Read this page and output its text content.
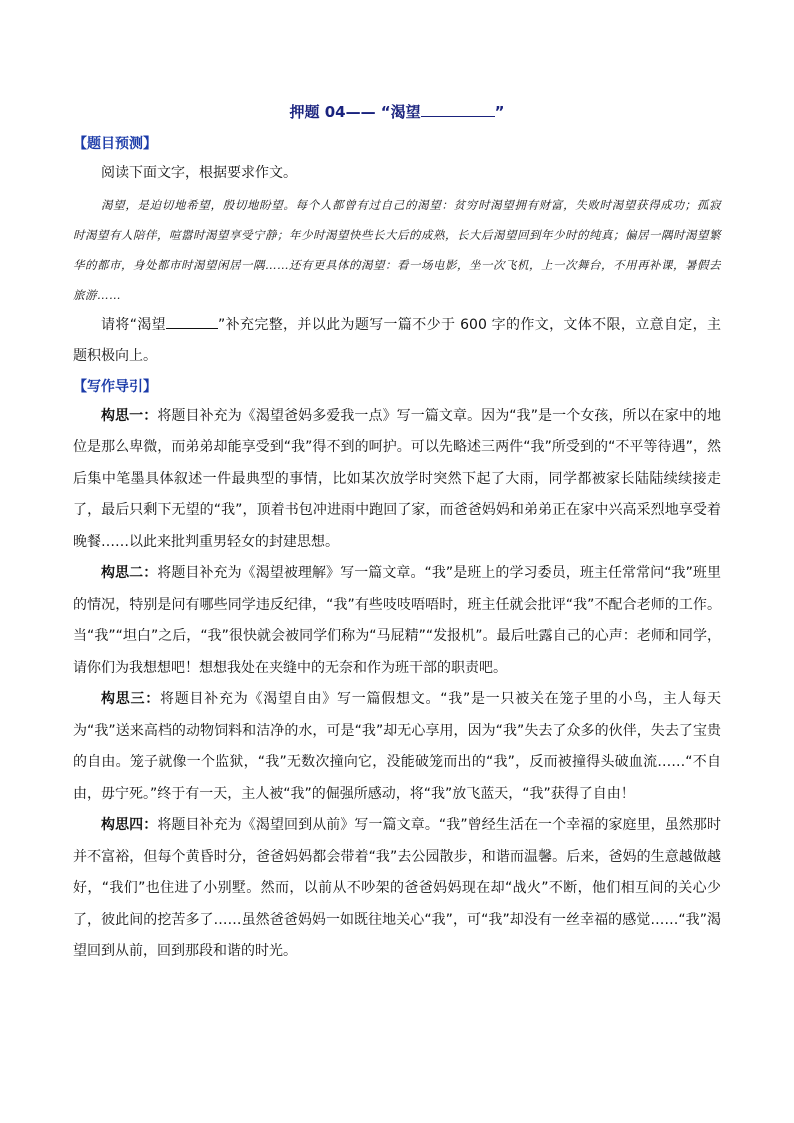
押题 04—— “渴望	”
【题目预测】

阅读下面文字，根据要求作文。

渴望，是迫切地希望，殷切地盼望。每个人都曾有过自己的渴望：贫穷时渴望拥有财富，失败时渴望获得成功；孤寂时渴望有人陪伴，喧嚣时渴望享受宁静；年少时渴望快些长大后的成熟，长大后渴望回到年少时的纯真；偏居一隅时渴望繁华的都市，身处都市时渴望闲居一隅……还有更具体的渴望：看一场电影，坐一次飞机，上一次舞台，不用再补课，暑假去旅游……

请将“渴望	”补充完整，并以此为题写一篇不少于 600 字的作文，文体不限，立意自定，主题积极向上。

【写作导引】

构思一：将题目补充为《渴望爸妈多爱我一点》写一篇文章。因为“我”是一个女孩，所以在家中的地位是那么卑微，而弟弟却能享受到“我”得不到的呵护。可以先略述三两件“我”所受到的“不平等待遇”，然后集中笔墨具体叙述一件最典型的事情，比如某次放学时突然下起了大雨，同学都被家长陆陆续续接走了，最后只剩下无望的“我”，顶着书包冲进雨中跑回了家，而爸爸妈妈和弟弟正在家中兴高采烈地享受着晚餐……以此来批判重男轻女的封建思想。

构思二：将题目补充为《渴望被理解》写一篇文章。“我”是班上的学习委员，班主任常常问“我”班里的情况，特别是问有哪些同学违反纪律，“我”有些吱吱唔唔时，班主任就会批评“我”不配合老师的工作。当“我”“坦白”之后，“我”很快就会被同学们称为“马屁精”“发报机”。最后吐露自己的心声：老师和同学，请你们为我想想吧！想想我处在夹缝中的无奈和作为班干部的职责吧。

构思三：将题目补充为《渴望自由》写一篇假想文。“我”是一只被关在笼子里的小鸟，主人每天为“我”送来高档的动物饲料和洁净的水，可是“我”却无心享用，因为“我”失去了众多的伙伴，失去了宝贵的自由。笼子就像一个监狱，“我”无数次撞向它，没能破笼而出的“我”，反而被撞得头破血流……“不自由，毋宁死。”终于有一天，主人被“我”的倔强所感动，将“我”放飞蓝天，“我”获得了自由！

构思四：将题目补充为《渴望回到从前》写一篇文章。“我”曾经生活在一个幸福的家庭里，虽然那时并不富裕，但每个黄昏时分，爸爸妈妈都会带着“我”去公园散步，和谐而温馨。后来，爸妈的生意越做越好，“我们”也住进了小别墅。然而，以前从不吵架的爸爸妈妈现在却“战火”不断，他们相互间的关心少了，彼此间的挖苦多了……虽然爸爸妈妈一如既往地关心“我”，可“我”却没有一丝幸福的感觉……“我”渴望回到从前，回到那段和谐的时光。
